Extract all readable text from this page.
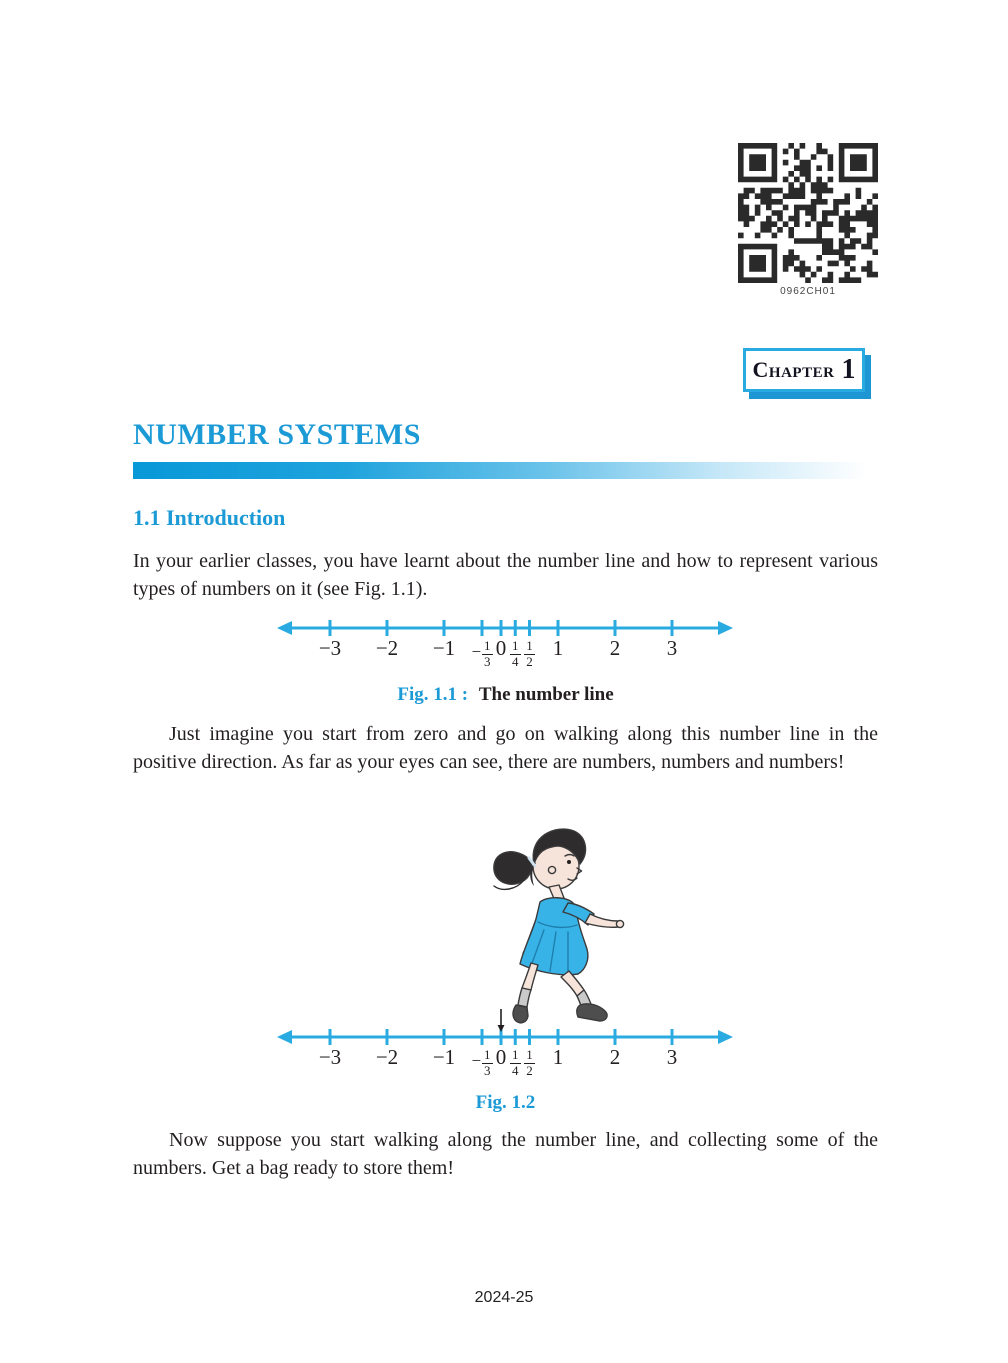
0962CH01
Chapter 1
NUMBER SYSTEMS
1.1 Introduction

In your earlier classes, you have learnt about the number line and how to represent various types of numbers on it (see Fig. 1.1).

−3	−2	$-1 - \frac{1}{3} 0 \frac{1}{4} \frac{1}{2} 1$	2	3
Fig. 1.1 : The number line

Just imagine you start from zero and go on walking along this number line in the positive direction. As far as your eyes can see, there are numbers, numbers and numbers!

−3	−2	$-1 - \frac{1}{3} 0 \frac{1}{4} \frac{1}{2} 1$	2	3
Fig. 1.2

Now suppose you start walking along the number line, and collecting some of the numbers. Get a bag ready to store them!

2024-25
